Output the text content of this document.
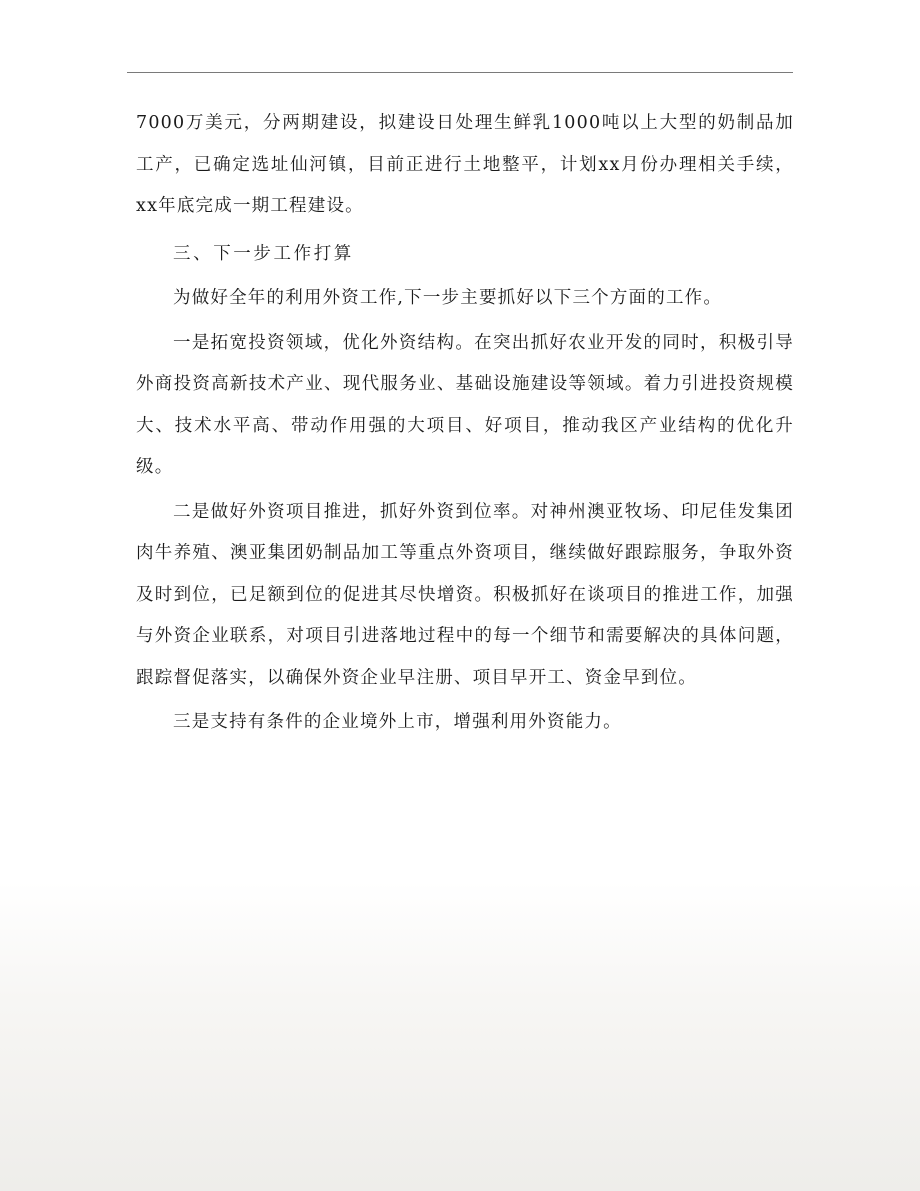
7000万美元，分两期建设，拟建设日处理生鲜乳1000吨以上大型的奶制品加工产，已确定选址仙河镇，目前正进行土地整平，计划xx月份办理相关手续，xx年底完成一期工程建设。

三、下一步工作打算

为做好全年的利用外资工作,下一步主要抓好以下三个方面的工作。

一是拓宽投资领域，优化外资结构。在突出抓好农业开发的同时，积极引导外商投资高新技术产业、现代服务业、基础设施建设等领域。着力引进投资规模大、技术水平高、带动作用强的大项目、好项目，推动我区产业结构的优化升级。

二是做好外资项目推进，抓好外资到位率。对神州澳亚牧场、印尼佳发集团肉牛养殖、澳亚集团奶制品加工等重点外资项目，继续做好跟踪服务，争取外资及时到位，已足额到位的促进其尽快增资。积极抓好在谈项目的推进工作，加强与外资企业联系，对项目引进落地过程中的每一个细节和需要解决的具体问题，跟踪督促落实，以确保外资企业早注册、项目早开工、资金早到位。

三是支持有条件的企业境外上市，增强利用外资能力。
